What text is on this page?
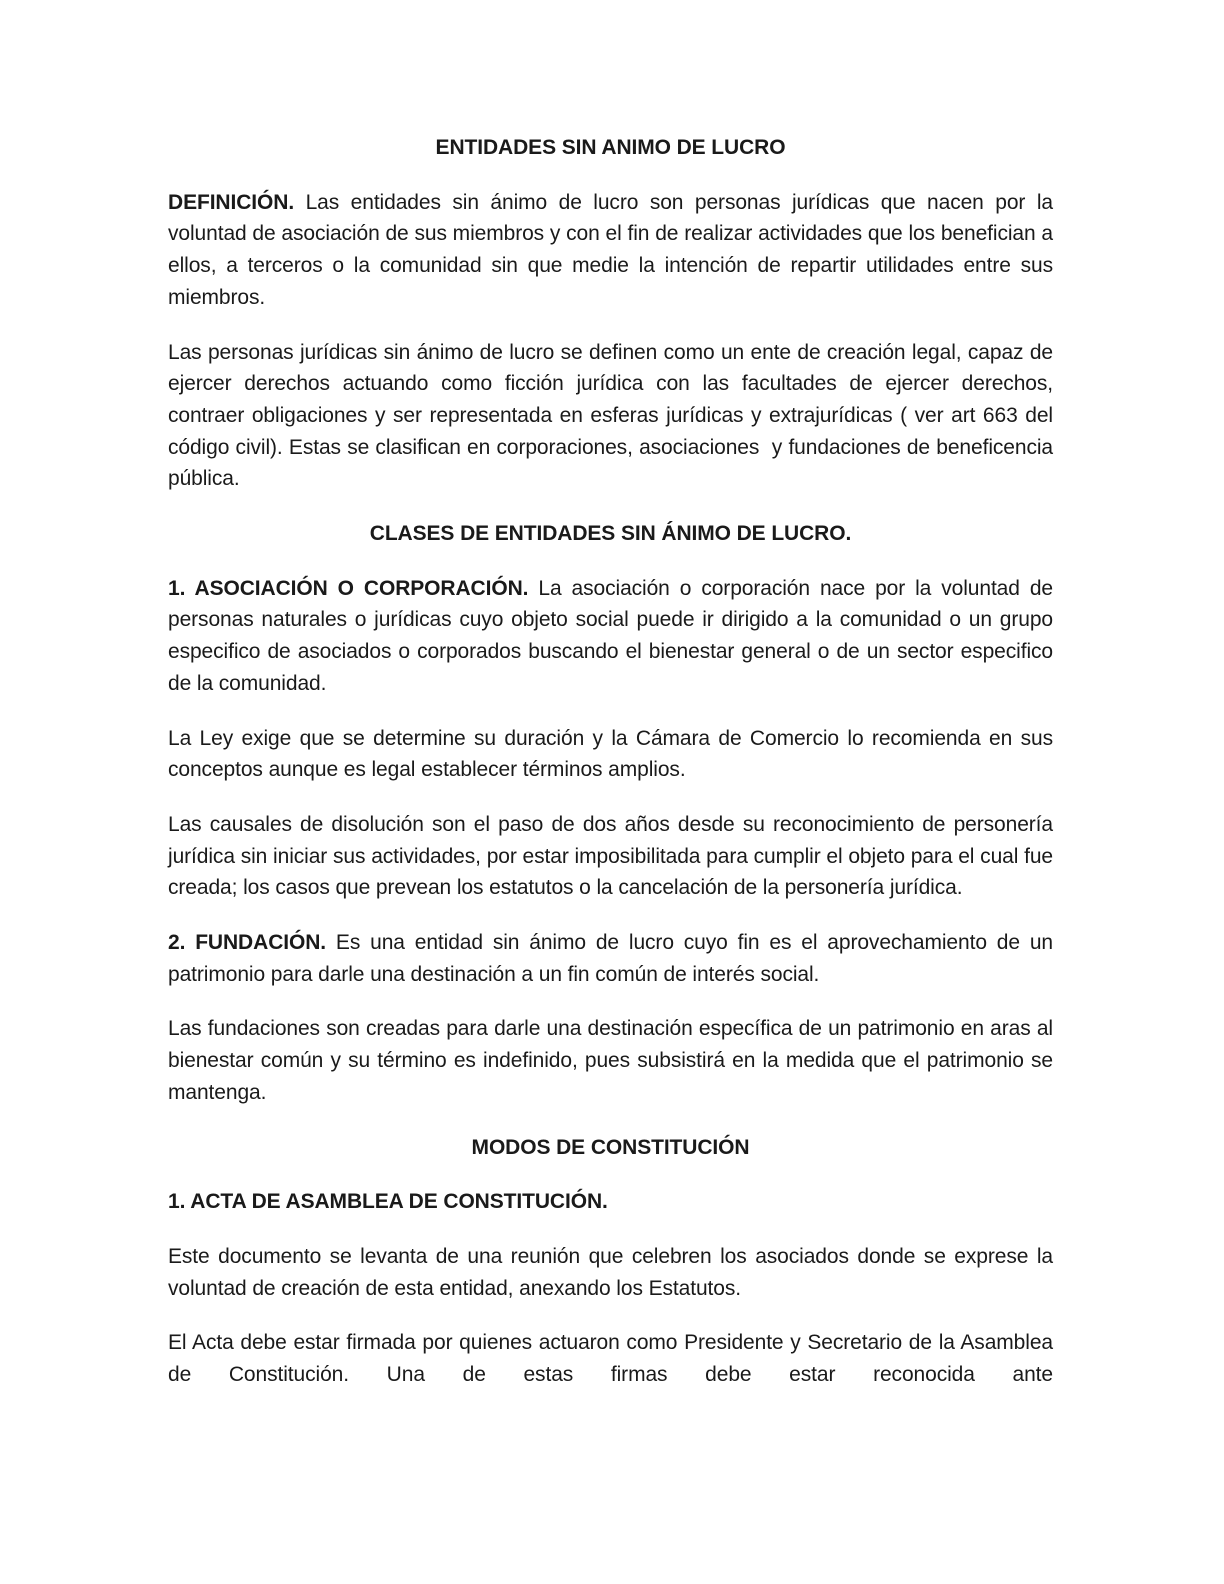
ENTIDADES SIN ANIMO DE LUCRO

DEFINICIÓN. Las entidades sin ánimo de lucro son personas jurídicas que nacen por la voluntad de asociación de sus miembros y con el fin de realizar actividades que los benefician a ellos, a terceros o la comunidad sin que medie la intención de repartir utilidades entre sus miembros.

Las personas jurídicas sin ánimo de lucro se definen como un ente de creación legal, capaz de ejercer derechos actuando como ficción jurídica con las facultades de ejercer derechos, contraer obligaciones y ser representada en esferas jurídicas y extrajurídicas ( ver art 663 del código civil). Estas se clasifican en corporaciones, asociaciones  y fundaciones de beneficencia pública.

CLASES DE ENTIDADES SIN ÁNIMO DE LUCRO.

1. ASOCIACIÓN O CORPORACIÓN. La asociación o corporación nace por la voluntad de personas naturales o jurídicas cuyo objeto social puede ir dirigido a la comunidad o un grupo especifico de asociados o corporados buscando el bienestar general o de un sector especifico de la comunidad.

La Ley exige que se determine su duración y la Cámara de Comercio lo recomienda en sus conceptos aunque es legal establecer términos amplios.

Las causales de disolución son el paso de dos años desde su reconocimiento de personería jurídica sin iniciar sus actividades, por estar imposibilitada para cumplir el objeto para el cual fue creada; los casos que prevean los estatutos o la cancelación de la personería jurídica.

2. FUNDACIÓN. Es una entidad sin ánimo de lucro cuyo fin es el aprovechamiento de un patrimonio para darle una destinación a un fin común de interés social.

Las fundaciones son creadas para darle una destinación específica de un patrimonio en aras al bienestar común y su término es indefinido, pues subsistirá en la medida que el patrimonio se mantenga.

MODOS DE CONSTITUCIÓN
1. ACTA DE ASAMBLEA DE CONSTITUCIÓN.

Este documento se levanta de una reunión que celebren los asociados donde se exprese la voluntad de creación de esta entidad, anexando los Estatutos.

El Acta debe estar firmada por quienes actuaron como Presidente y Secretario de la Asamblea de Constitución. Una de estas firmas debe estar reconocida ante
